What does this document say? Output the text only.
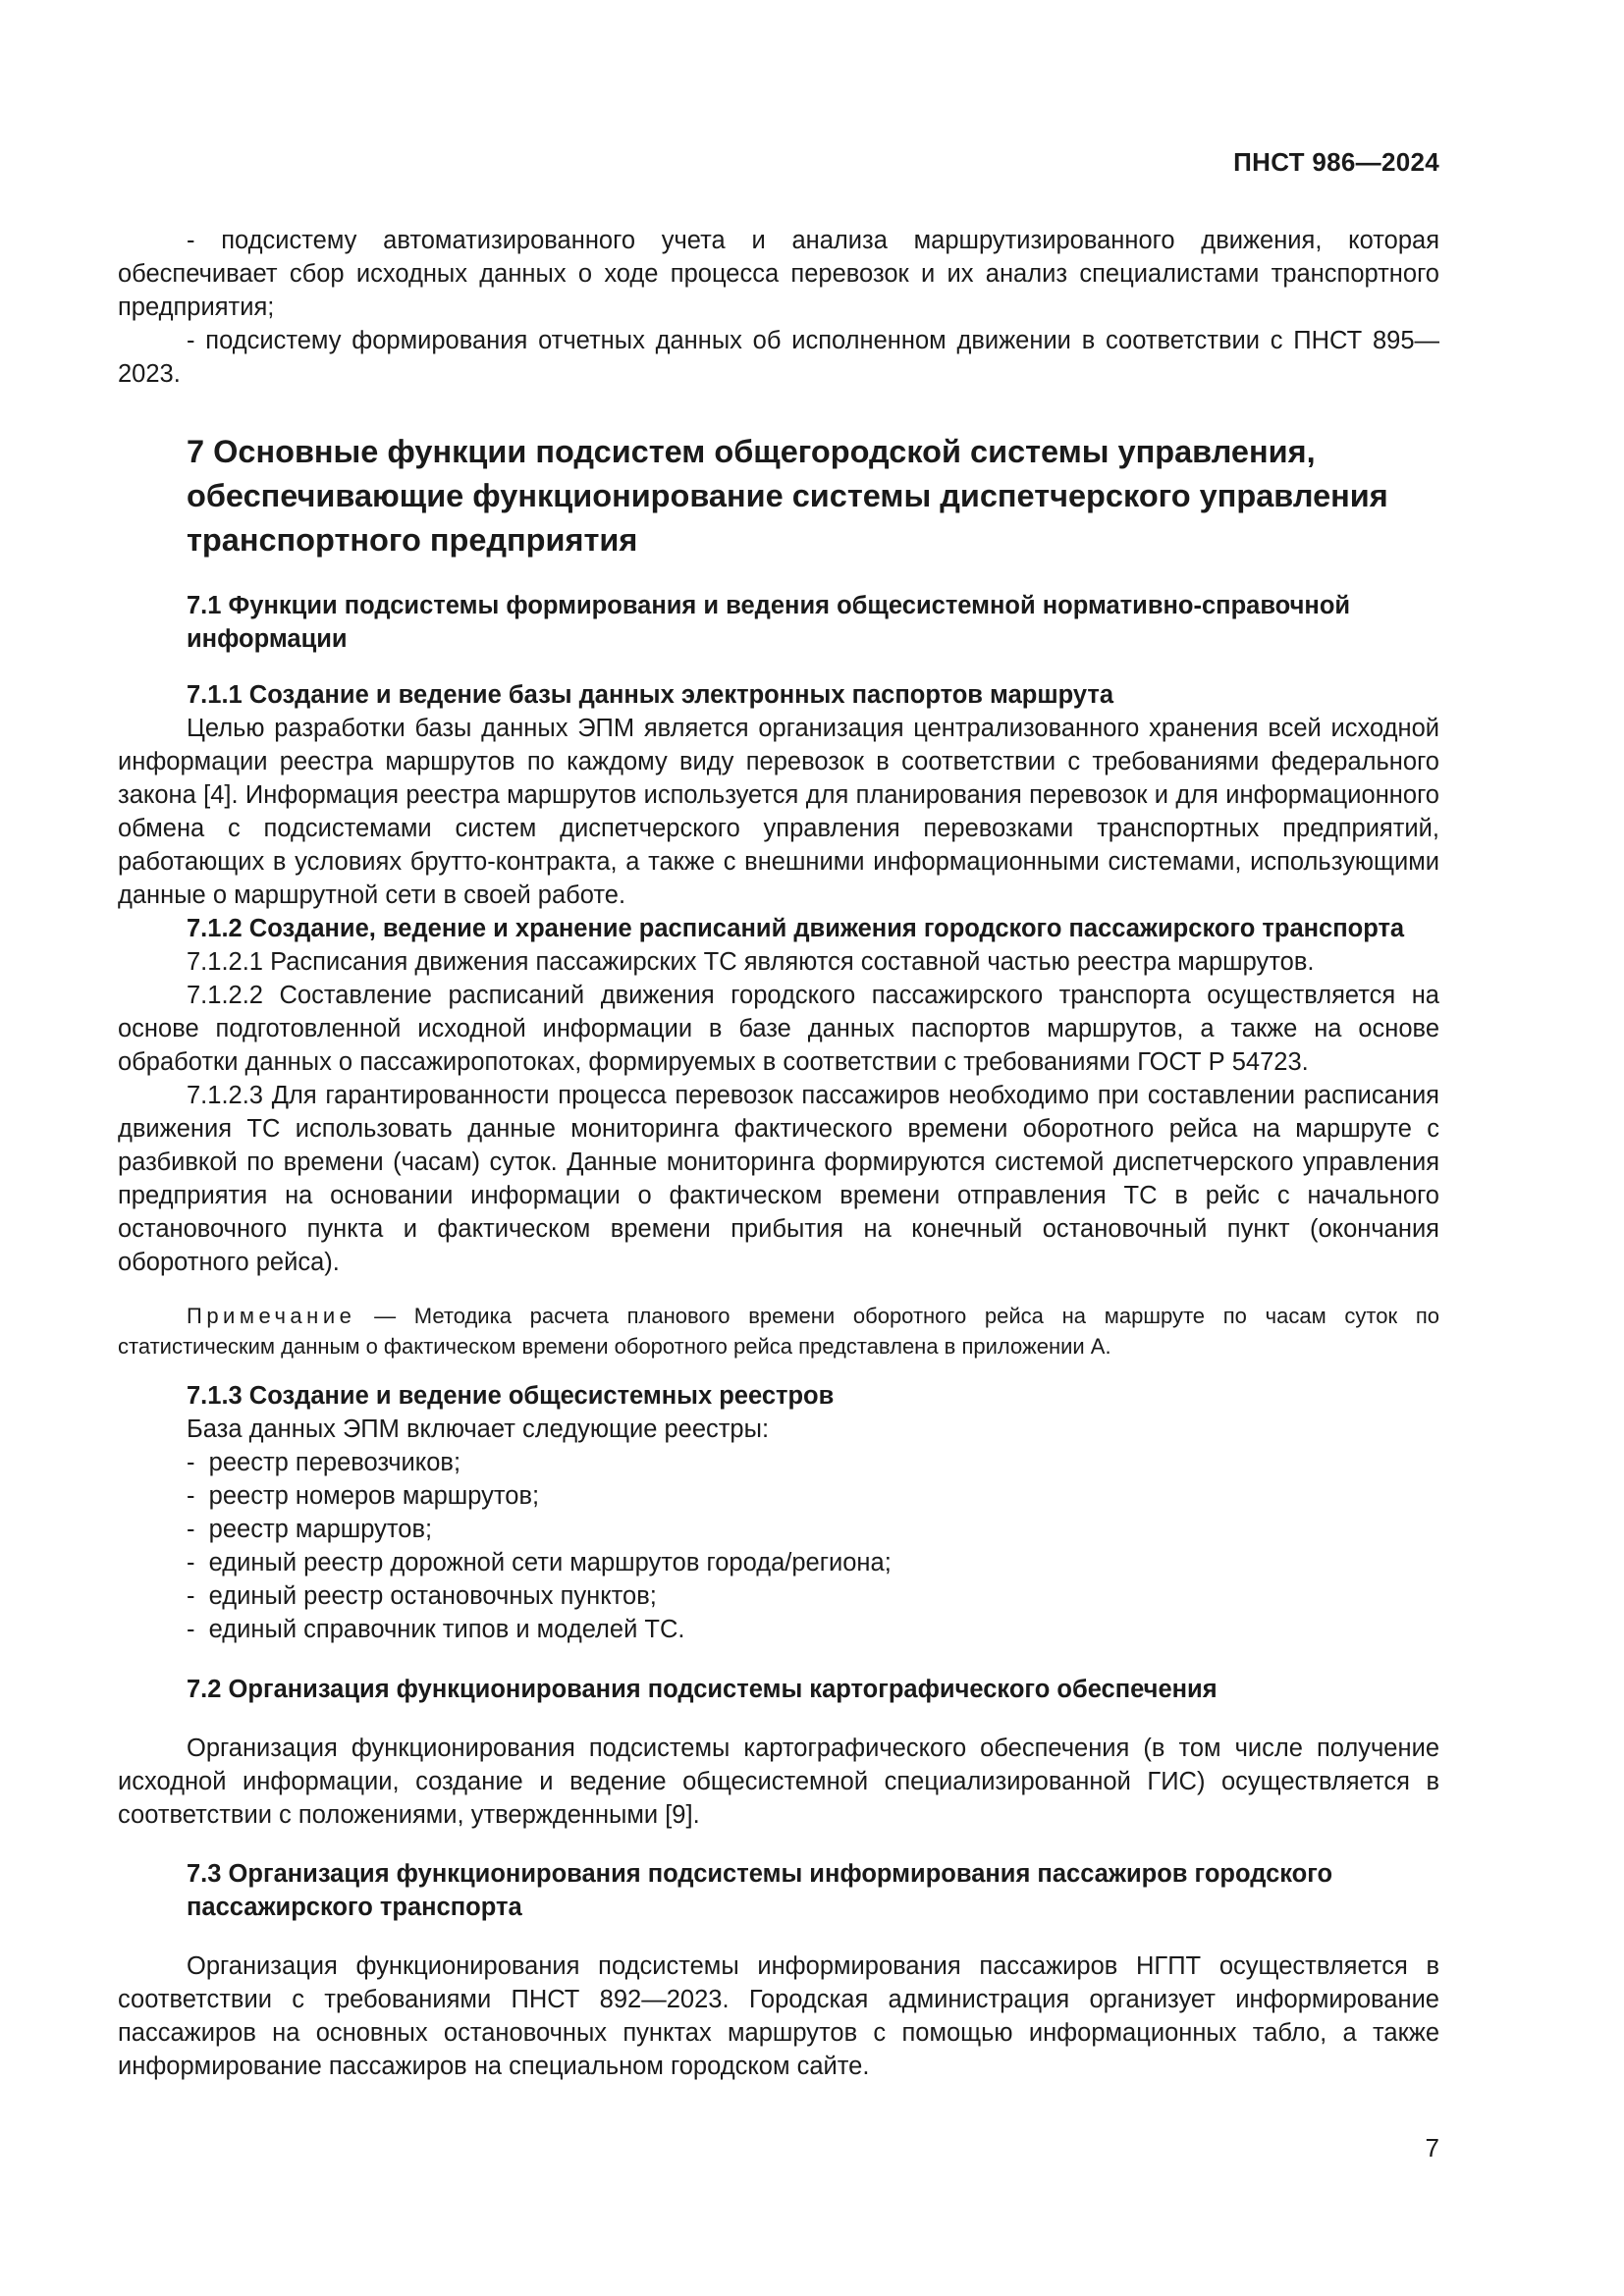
ПНСТ 986—2024

- подсистему автоматизированного учета и анализа маршрутизированного движения, которая обеспечивает сбор исходных данных о ходе процесса перевозок и их анализ специалистами транспортного предприятия;

- подсистему формирования отчетных данных об исполненном движении в соответствии с ПНСТ 895—2023.

7 Основные функции подсистем общегородской системы управления, обеспечивающие функционирование системы диспетчерского управления транспортного предприятия

7.1 Функции подсистемы формирования и ведения общесистемной нормативно-справочной информации

7.1.1 Создание и ведение базы данных электронных паспортов маршрута

Целью разработки базы данных ЭПМ является организация централизованного хранения всей исходной информации реестра маршрутов по каждому виду перевозок в соответствии с требованиями федерального закона [4]. Информация реестра маршрутов используется для планирования перевозок и для информационного обмена с подсистемами систем диспетчерского управления перевозками транспортных предприятий, работающих в условиях брутто-контракта, а также с внешними информационными системами, использующими данные о маршрутной сети в своей работе.

7.1.2 Создание, ведение и хранение расписаний движения городского пассажирского транспорта

7.1.2.1 Расписания движения пассажирских ТС являются составной частью реестра маршрутов.

7.1.2.2 Составление расписаний движения городского пассажирского транспорта осуществляется на основе подготовленной исходной информации в базе данных паспортов маршрутов, а также на основе обработки данных о пассажиропотоках, формируемых в соответствии с требованиями ГОСТ Р 54723.

7.1.2.3 Для гарантированности процесса перевозок пассажиров необходимо при составлении расписания движения ТС использовать данные мониторинга фактического времени оборотного рейса на маршруте с разбивкой по времени (часам) суток. Данные мониторинга формируются системой диспетчерского управления предприятия на основании информации о фактическом времени отправления ТС в рейс с начального остановочного пункта и фактическом времени прибытия на конечный остановочный пункт (окончания оборотного рейса).

Примечание — Методика расчета планового времени оборотного рейса на маршруте по часам суток по статистическим данным о фактическом времени оборотного рейса представлена в приложении А.

7.1.3 Создание и ведение общесистемных реестров

База данных ЭПМ включает следующие реестры:

-  реестр перевозчиков;
-  реестр номеров маршрутов;
-  реестр маршрутов;
-  единый реестр дорожной сети маршрутов города/региона;
-  единый реестр остановочных пунктов;
-  единый справочник типов и моделей ТС.

7.2 Организация функционирования подсистемы картографического обеспечения

Организация функционирования подсистемы картографического обеспечения (в том числе получение исходной информации, создание и ведение общесистемной специализированной ГИС) осуществляется в соответствии с положениями, утвержденными [9].

7.3 Организация функционирования подсистемы информирования пассажиров городского пассажирского транспорта

Организация функционирования подсистемы информирования пассажиров НГПТ осуществляется в соответствии с требованиями ПНСТ 892—2023. Городская администрация организует информирование пассажиров на основных остановочных пунктах маршрутов с помощью информационных табло, а также информирование пассажиров на специальном городском сайте.

7
